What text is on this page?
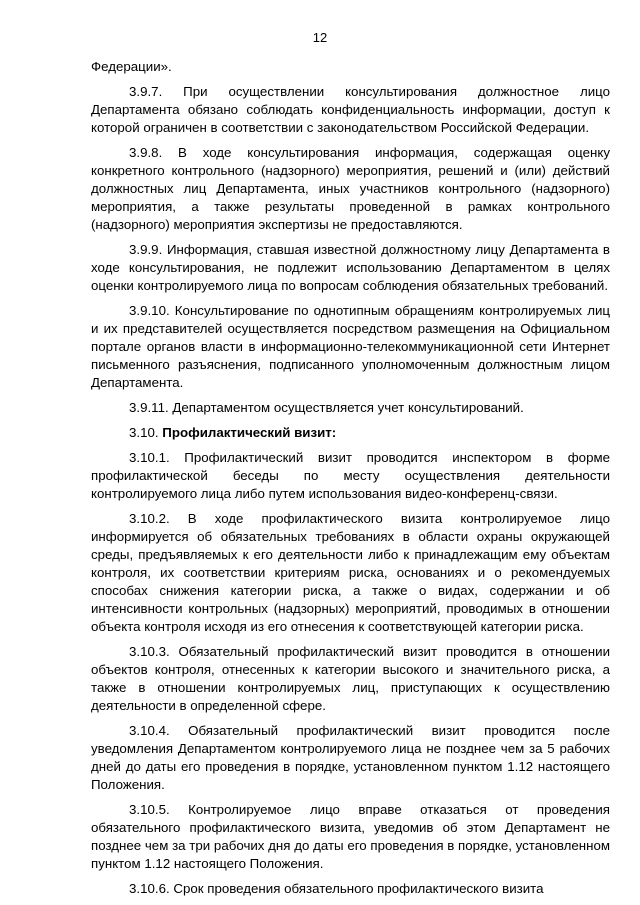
12

Федерации».

3.9.7. При осуществлении консультирования должностное лицо Департамента обязано соблюдать конфиденциальность информации, доступ к которой ограничен в соответствии с законодательством Российской Федерации.

3.9.8. В ходе консультирования информация, содержащая оценку конкретного контрольного (надзорного) мероприятия, решений и (или) действий должностных лиц Департамента, иных участников контрольного (надзорного) мероприятия, а также результаты проведенной в рамках контрольного (надзорного) мероприятия экспертизы не предоставляются.

3.9.9. Информация, ставшая известной должностному лицу Департамента в ходе консультирования, не подлежит использованию Департаментом в целях оценки контролируемого лица по вопросам соблюдения обязательных требований.

3.9.10. Консультирование по однотипным обращениям контролируемых лиц и их представителей осуществляется посредством размещения на Официальном портале органов власти в информационно-телекоммуникационной сети Интернет письменного разъяснения, подписанного уполномоченным должностным лицом Департамента.

3.9.11. Департаментом осуществляется учет консультирований.

3.10. Профилактический визит:

3.10.1. Профилактический визит проводится инспектором в форме профилактической беседы по месту осуществления деятельности контролируемого лица либо путем использования видео-конференц-связи.

3.10.2. В ходе профилактического визита контролируемое лицо информируется об обязательных требованиях в области охраны окружающей среды, предъявляемых к его деятельности либо к принадлежащим ему объектам контроля, их соответствии критериям риска, основаниях и о рекомендуемых способах снижения категории риска, а также о видах, содержании и об интенсивности контрольных (надзорных) мероприятий, проводимых в отношении объекта контроля исходя из его отнесения к соответствующей категории риска.

3.10.3. Обязательный профилактический визит проводится в отношении объектов контроля, отнесенных к категории высокого и значительного риска, а также в отношении контролируемых лиц, приступающих к осуществлению деятельности в определенной сфере.

3.10.4. Обязательный профилактический визит проводится после уведомления Департаментом контролируемого лица не позднее чем за 5 рабочих дней до даты его проведения в порядке, установленном пунктом 1.12 настоящего Положения.

3.10.5. Контролируемое лицо вправе отказаться от проведения обязательного профилактического визита, уведомив об этом Департамент не позднее чем за три рабочих дня до даты его проведения в порядке, установленном пунктом 1.12 настоящего Положения.

3.10.6. Срок проведения обязательного профилактического визита
